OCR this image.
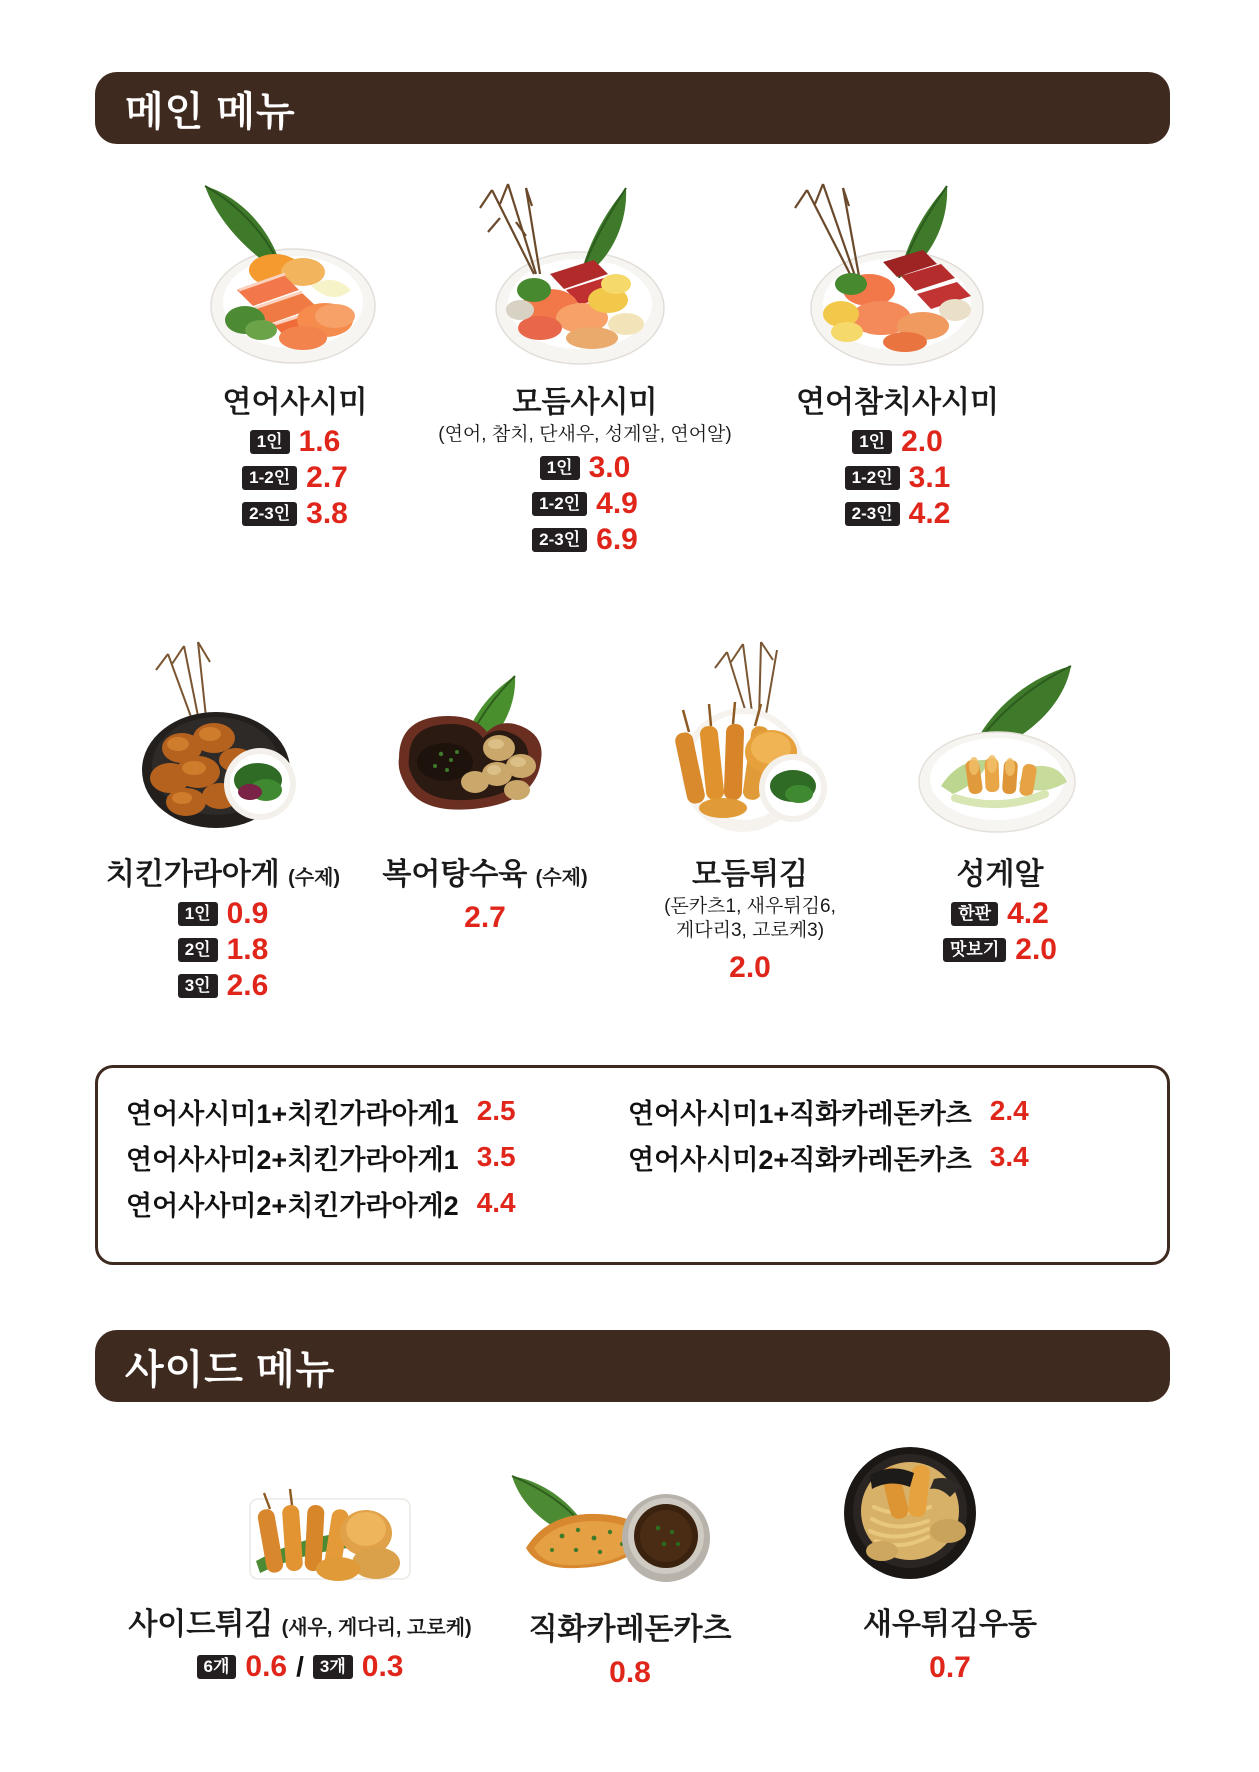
메인 메뉴
연어사시미
1인 1.6
1-2인 2.7
2-3인 3.8
모듬사시미
(연어, 참치, 단새우, 성게알, 연어알)
1인 3.0
1-2인 4.9
2-3인 6.9
연어참치사시미
1인 2.0
1-2인 3.1
2-3인 4.2
치킨가라아게 (수제)
1인 0.9
2인 1.8
3인 2.6
복어탕수육 (수제)
2.7
모듬튀김
(돈카츠1, 새우튀김6,
게다리3, 고로케3)
2.0
성게알
한판 4.2
맛보기 2.0
연어사시미1+치킨가라아게1 2.5
연어사사미2+치킨가라아게1 3.5
연어사사미2+치킨가라아게2 4.4
연어사시미1+직화카레돈카츠 2.4
연어사시미2+직화카레돈카츠 3.4
사이드 메뉴
사이드튀김 (새우, 게다리, 고로케)
6개 0.6 / 3개 0.3
직화카레돈카츠
0.8
새우튀김우동
0.7
